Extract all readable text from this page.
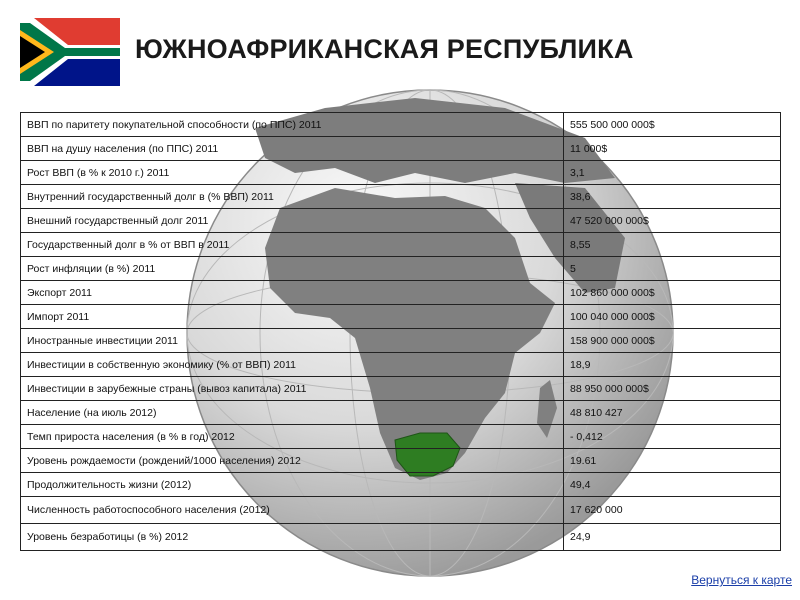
ЮЖНОАФРИКАНСКАЯ РЕСПУБЛИКА
ВВП по паритету покупательной способности (по ППС) 2011	555 500 000 000$
ВВП на душу населения (по ППС) 2011	11 000$
Рост ВВП (в % к 2010 г.) 2011	3,1
Внутренний государственный долг в (% ВВП) 2011	38,6
Внешний государственный долг 2011	47 520 000 000$
Государственный долг в % от ВВП в 2011	8,55
Рост инфляции (в %) 2011	5
Экспорт 2011	102 860 000 000$
Импорт 2011	100 040 000 000$
Иностранные инвестиции 2011	158 900 000 000$
Инвестиции в собственную экономику (% от ВВП) 2011	18,9
Инвестиции в зарубежные страны (вывоз капитала) 2011	88 950 000 000$
Население (на июль 2012)	48 810 427
Темп прироста населения (в % в год) 2012	- 0,412
Уровень рождаемости (рождений/1000 населения) 2012	19.61
Продолжительность жизни (2012)	49,4
Численность работоспособного населения (2012)	17 620 000
Уровень безработицы (в %) 2012	24,9
Вернуться к карте
